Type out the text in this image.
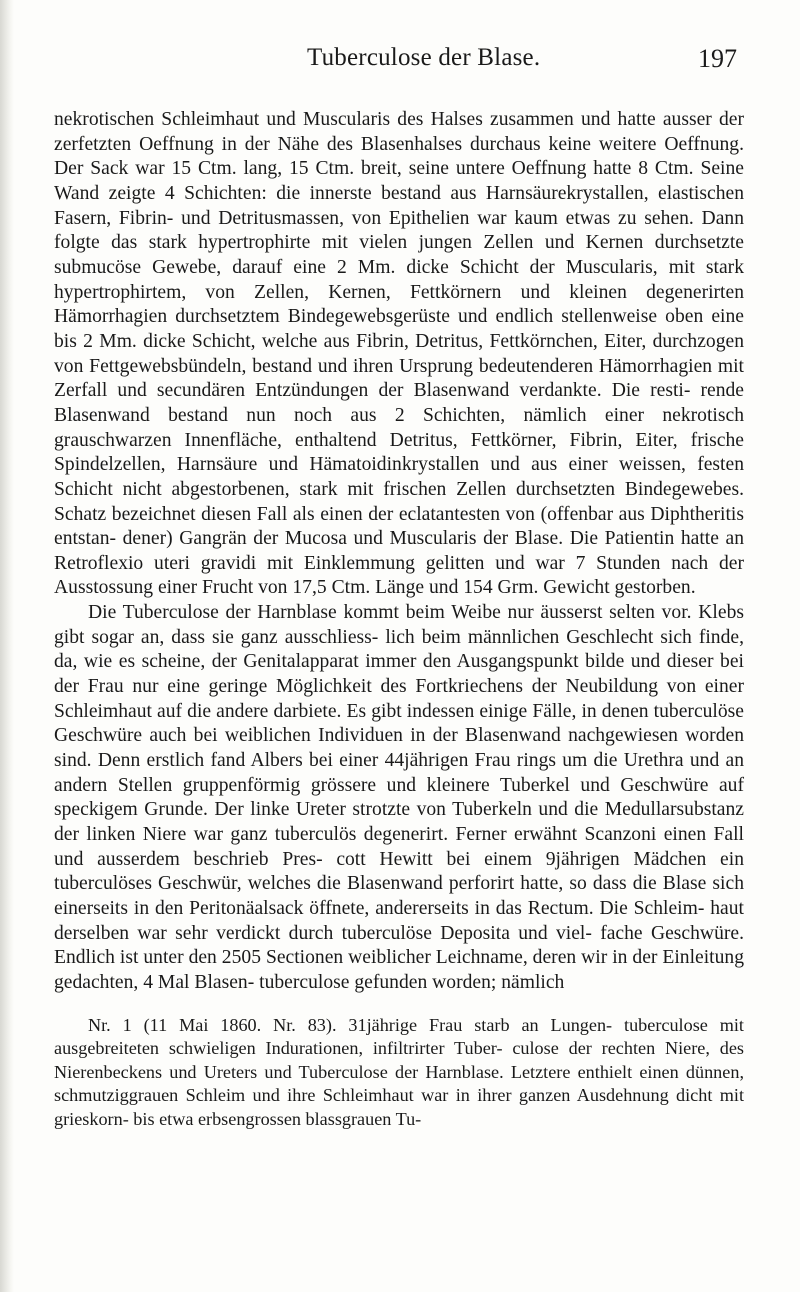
Tuberculose der Blase.	197

nekrotischen Schleimhaut und Muscularis des Halses zusammen und hatte ausser der zerfetzten Oeffnung in der Nähe des Blasenhalses durchaus keine weitere Oeffnung. Der Sack war 15 Ctm. lang, 15 Ctm. breit, seine untere Oeffnung hatte 8 Ctm. Seine Wand zeigte 4 Schichten: die innerste bestand aus Harnsäurekrystallen, elastischen Fasern, Fibrin- und Detritusmassen, von Epithelien war kaum etwas zu sehen. Dann folgte das stark hypertrophirte mit vielen jungen Zellen und Kernen durchsetzte submucöse Gewebe, darauf eine 2 Mm. dicke Schicht der Muscularis, mit stark hypertrophirtem, von Zellen, Kernen, Fettkörnern und kleinen degenerirten Hämorrhagien durchsetztem Bindegewebsgerüste und endlich stellenweise oben eine bis 2 Mm. dicke Schicht, welche aus Fibrin, Detritus, Fettkörnchen, Eiter, durchzogen von Fettgewebsbündeln, bestand und ihren Ursprung bedeutenderen Hämorrhagien mit Zerfall und secundären Entzündungen der Blasenwand verdankte. Die resti- rende Blasenwand bestand nun noch aus 2 Schichten, nämlich einer nekrotisch grauschwarzen Innenfläche, enthaltend Detritus, Fettkörner, Fibrin, Eiter, frische Spindelzellen, Harnsäure und Hämatoidinkrystallen und aus einer weissen, festen Schicht nicht abgestorbenen, stark mit frischen Zellen durchsetzten Bindegewebes. Schatz bezeichnet diesen Fall als einen der eclatantesten von (offenbar aus Diphtheritis entstan- dener) Gangrän der Mucosa und Muscularis der Blase. Die Patientin hatte an Retroflexio uteri gravidi mit Einklemmung gelitten und war 7 Stunden nach der Ausstossung einer Frucht von 17,5 Ctm. Länge und 154 Grm. Gewicht gestorben.

Die Tuberculose der Harnblase kommt beim Weibe nur äusserst selten vor. Klebs gibt sogar an, dass sie ganz ausschliess- lich beim männlichen Geschlecht sich finde, da, wie es scheine, der Genitalapparat immer den Ausgangspunkt bilde und dieser bei der Frau nur eine geringe Möglichkeit des Fortkriechens der Neubildung von einer Schleimhaut auf die andere darbiete. Es gibt indessen einige Fälle, in denen tuberculöse Geschwüre auch bei weiblichen Individuen in der Blasenwand nachgewiesen worden sind. Denn erstlich fand Albers bei einer 44jährigen Frau rings um die Urethra und an andern Stellen gruppenförmig grössere und kleinere Tuberkel und Geschwüre auf speckigem Grunde. Der linke Ureter strotzte von Tuberkeln und die Medullarsubstanz der linken Niere war ganz tuberculös degenerirt. Ferner erwähnt Scanzoni einen Fall und ausserdem beschrieb Pres- cott Hewitt bei einem 9jährigen Mädchen ein tuberculöses Geschwür, welches die Blasenwand perforirt hatte, so dass die Blase sich einerseits in den Peritonäalsack öffnete, andererseits in das Rectum. Die Schleim- haut derselben war sehr verdickt durch tuberculöse Deposita und viel- fache Geschwüre. Endlich ist unter den 2505 Sectionen weiblicher Leichname, deren wir in der Einleitung gedachten, 4 Mal Blasen- tuberculose gefunden worden; nämlich

Nr. 1 (11 Mai 1860. Nr. 83). 31jährige Frau starb an Lungen- tuberculose mit ausgebreiteten schwieligen Indurationen, infiltrirter Tuber- culose der rechten Niere, des Nierenbeckens und Ureters und Tuberculose der Harnblase. Letztere enthielt einen dünnen, schmutziggrauen Schleim und ihre Schleimhaut war in ihrer ganzen Ausdehnung dicht mit grieskorn- bis etwa erbsengrossen blassgrauen Tu-
